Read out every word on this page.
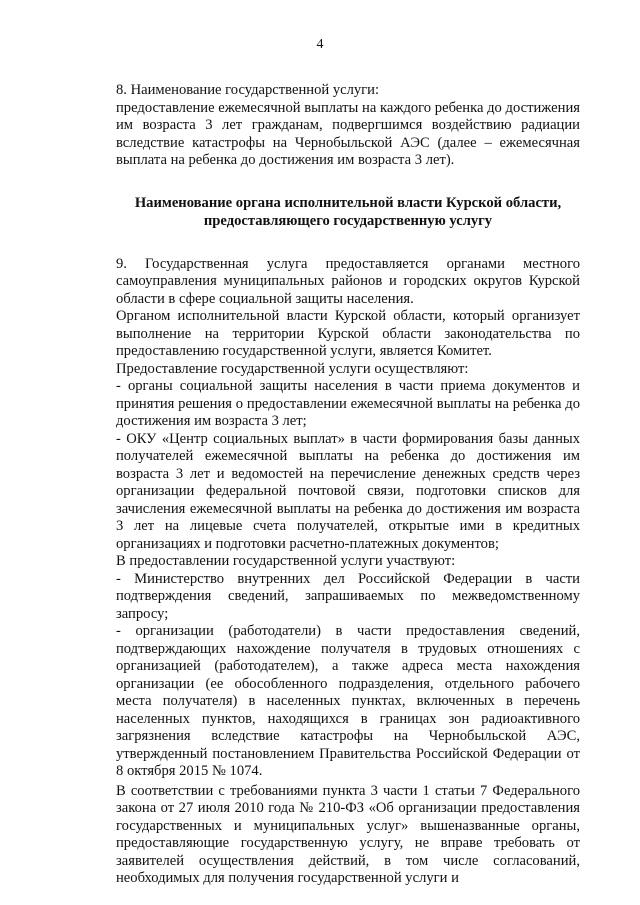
4

8. Наименование государственной услуги:

предоставление ежемесячной выплаты на каждого ребенка до достижения им возраста 3 лет гражданам, подвергшимся воздействию радиации вследствие катастрофы на Чернобыльской АЭС (далее – ежемесячная выплата на ребенка до достижения им возраста 3 лет).

Наименование органа исполнительной власти Курской области, предоставляющего государственную услугу

9. Государственная услуга предоставляется органами местного самоуправления муниципальных районов и городских округов Курской области в сфере социальной защиты населения.

Органом исполнительной власти Курской области, который организует выполнение на территории Курской области законодательства по предоставлению государственной услуги, является Комитет.

Предоставление государственной услуги осуществляют:

- органы социальной защиты населения в части приема документов и принятия решения о предоставлении ежемесячной выплаты на ребенка до достижения им возраста 3 лет;

- ОКУ «Центр социальных выплат» в части формирования базы данных получателей ежемесячной выплаты на ребенка до достижения им возраста 3 лет и ведомостей на перечисление денежных средств через организации федеральной почтовой связи, подготовки списков для зачисления ежемесячной выплаты на ребенка до достижения им возраста 3 лет на лицевые счета получателей, открытые ими в кредитных организациях и подготовки расчетно-платежных документов;

В предоставлении государственной услуги участвуют:

- Министерство внутренних дел Российской Федерации в части подтверждения сведений, запрашиваемых по межведомственному запросу;

- организации (работодатели) в части предоставления сведений, подтверждающих нахождение получателя в трудовых отношениях с организацией (работодателем), а также адреса места нахождения организации (ее обособленного подразделения, отдельного рабочего места получателя) в населенных пунктах, включенных в перечень населенных пунктов, находящихся в границах зон радиоактивного загрязнения вследствие катастрофы на Чернобыльской АЭС, утвержденный постановлением Правительства Российской Федерации от 8 октября 2015 № 1074.

В соответствии с требованиями пункта 3 части 1 статьи 7 Федерального закона от 27 июля 2010 года № 210-ФЗ «Об организации предоставления государственных и муниципальных услуг» вышеназванные органы, предоставляющие государственную услугу, не вправе требовать от заявителей осуществления действий, в том числе согласований, необходимых для получения государственной услуги и
